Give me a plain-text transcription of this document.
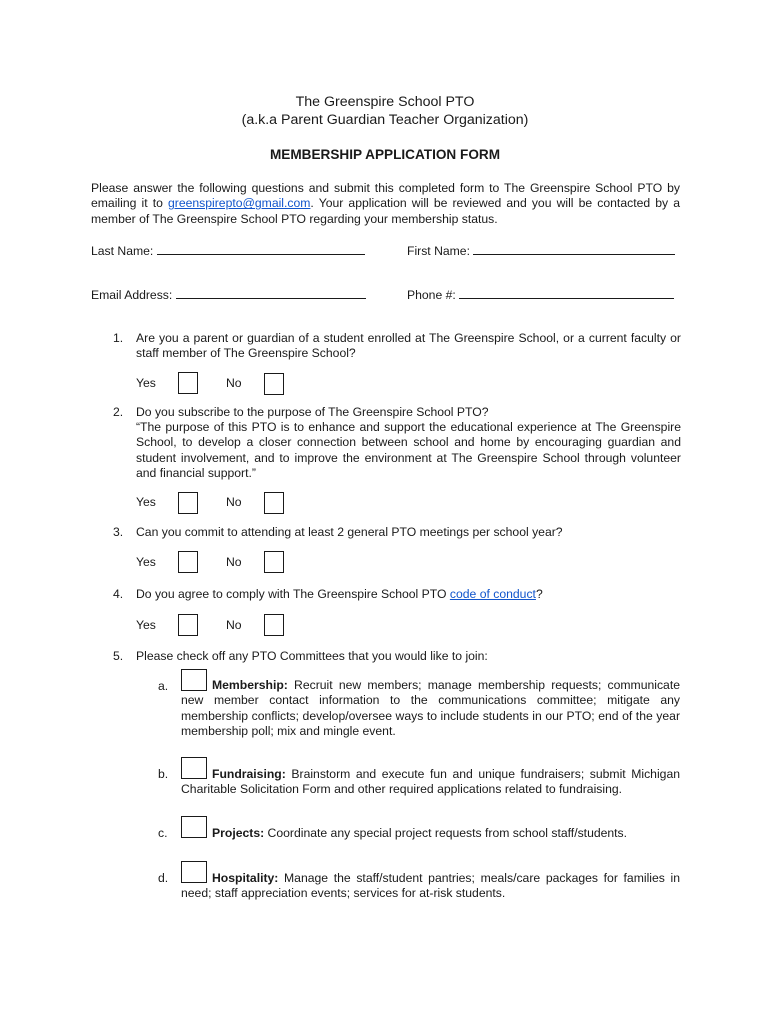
The Greenspire School PTO
(a.k.a Parent Guardian Teacher Organization)
MEMBERSHIP APPLICATION FORM
Please answer the following questions and submit this completed form to The Greenspire School PTO by emailing it to greenspirepto@gmail.com. Your application will be reviewed and you will be contacted by a member of The Greenspire School PTO regarding your membership status.
Last Name:	First Name:
Email Address:	Phone #:
1. Are you a parent or guardian of a student enrolled at The Greenspire School, or a current faculty or staff member of The Greenspire School?
Yes	No
2. Do you subscribe to the purpose of The Greenspire School PTO?
“The purpose of this PTO is to enhance and support the educational experience at The Greenspire School, to develop a closer connection between school and home by encouraging guardian and student involvement, and to improve the environment at The Greenspire School through volunteer and financial support.”
Yes	No
3. Can you commit to attending at least 2 general PTO meetings per school year?
Yes	No
4. Do you agree to comply with The Greenspire School PTO code of conduct?
Yes	No
5. Please check off any PTO Committees that you would like to join:
a.	Membership: Recruit new members; manage membership requests; communicate new member contact information to the communications committee; mitigate any membership conflicts; develop/oversee ways to include students in our PTO; end of the year membership poll; mix and mingle event.
b.	Fundraising: Brainstorm and execute fun and unique fundraisers; submit Michigan Charitable Solicitation Form and other required applications related to fundraising.
c.	Projects: Coordinate any special project requests from school staff/students.
d.	Hospitality: Manage the staff/student pantries; meals/care packages for families in need; staff appreciation events; services for at-risk students.
